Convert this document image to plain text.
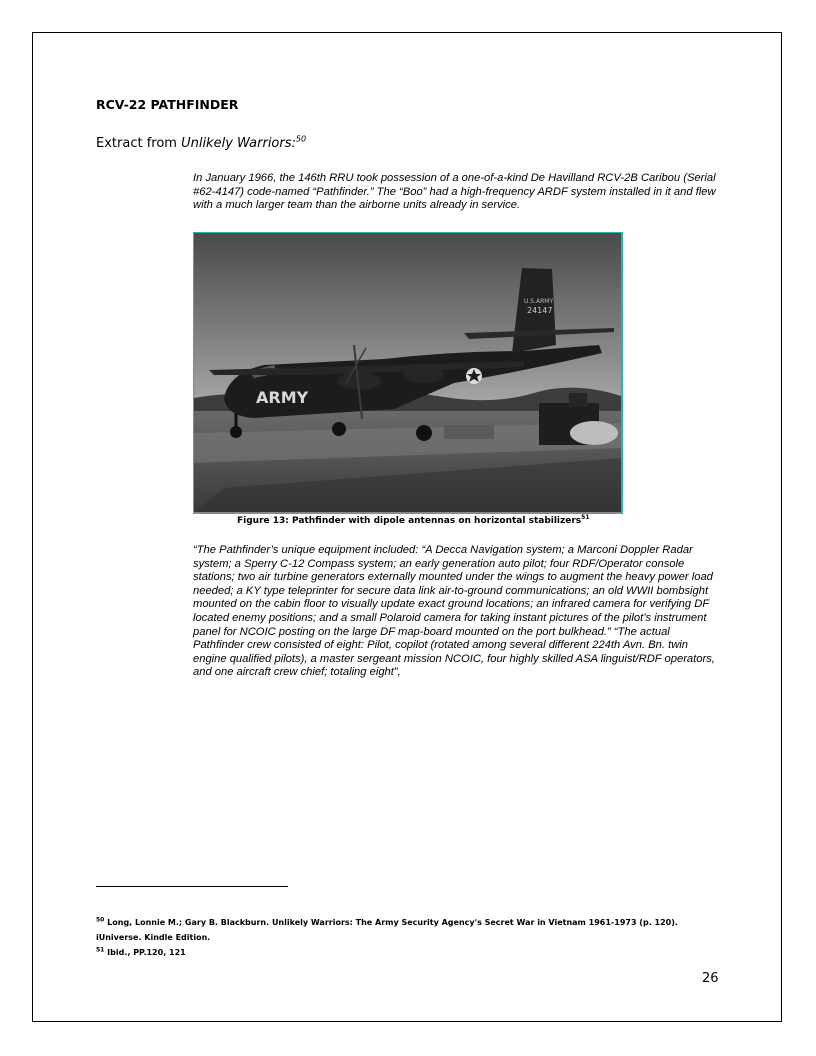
RCV-22 PATHFINDER
Extract from Unlikely Warriors:$^{50}$
In January 1966, the 146th RRU took possession of a one-of-a-kind De Havilland RCV-2B Caribou (Serial #62-4147) code-named “Pathfinder.” The “Boo” had a high-frequency ARDF system installed in it and flew with a much larger team than the airborne units already in service.
U.S.ARMY
24147
ARMY
Figure 13: Pathfinder with dipole antennas on horizontal stabilizers$^{51}$
“The Pathfinder’s unique equipment included: “A Decca Navigation system; a Marconi Doppler Radar system; a Sperry C-12 Compass system; an early generation auto pilot; four RDF/Operator console stations; two air turbine generators externally mounted under the wings to augment the heavy power load needed; a KY type teleprinter for secure data link air-to-ground communications; an old WWII bombsight mounted on the cabin floor to visually update exact ground locations; an infrared camera for verifying DF located enemy positions; and a small Polaroid camera for taking instant pictures of the pilot’s instrument panel for NCOIC posting on the large DF map-board mounted on the port bulkhead.” “The actual Pathfinder crew consisted of eight: Pilot, copilot (rotated among several different 224th Avn. Bn. twin engine qualified pilots), a master sergeant mission NCOIC, four highly skilled ASA linguist/RDF operators, and one aircraft crew chief; totaling eight”,
$^{50}$ Long, Lonnie M.; Gary B. Blackburn. Unlikely Warriors: The Army Security Agency's Secret War in Vietnam 1961-1973 (p. 120). iUniverse. Kindle Edition.
$^{51}$ Ibid., PP.120, 121
26
